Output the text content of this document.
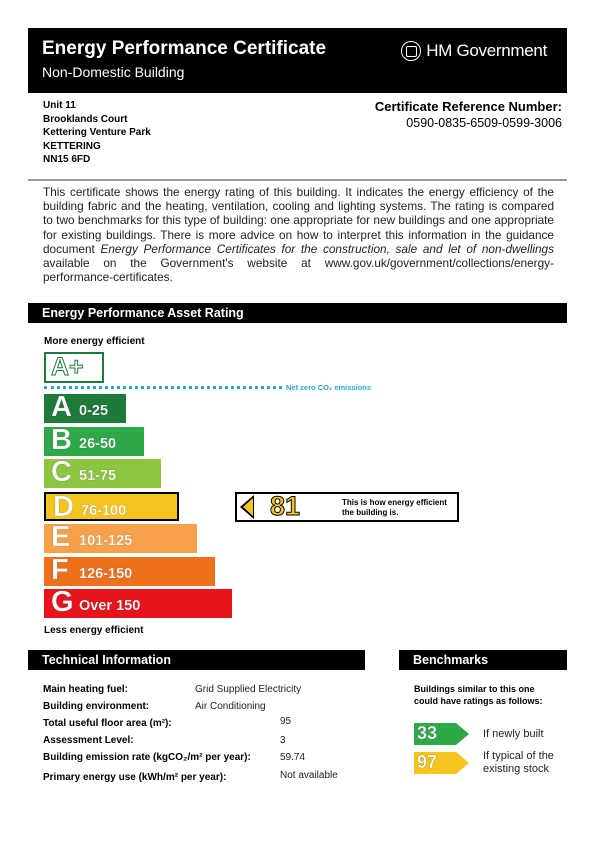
Energy Performance Certificate
Non-Domestic Building
HM Government
Unit 11
Brooklands Court
Kettering Venture Park
KETTERING
NN15 6FD
Certificate Reference Number:
0590-0835-6509-0599-3006
This certificate shows the energy rating of this building. It indicates the energy efficiency of the building fabric and the heating, ventilation, cooling and lighting systems. The rating is compared to two benchmarks for this type of building: one appropriate for new buildings and one appropriate for existing buildings. There is more advice on how to interpret this information in the guidance document Energy Performance Certificates for the construction, sale and let of non-dwellings available on the Government's website at www.gov.uk/government/collections/energy-performance-certificates.
Energy Performance Asset Rating
More energy efficient
A+
Net zero CO₂ emissions
A 0-25
B 26-50
C 51-75
D 76-100
E 101-125
F 126-150
G Over 150
81	This is how energy efficient the building is.
Less energy efficient
Technical Information
Main heating fuel:	Grid Supplied Electricity
Building environment:	Air Conditioning
Total useful floor area (m²):	95
Assessment Level:	3
Building emission rate (kgCO₂/m² per year):	59.74
Primary energy use (kWh/m² per year):	Not available
Benchmarks
Buildings similar to this one could have ratings as follows:
33	If newly built
97	If typical of the existing stock
